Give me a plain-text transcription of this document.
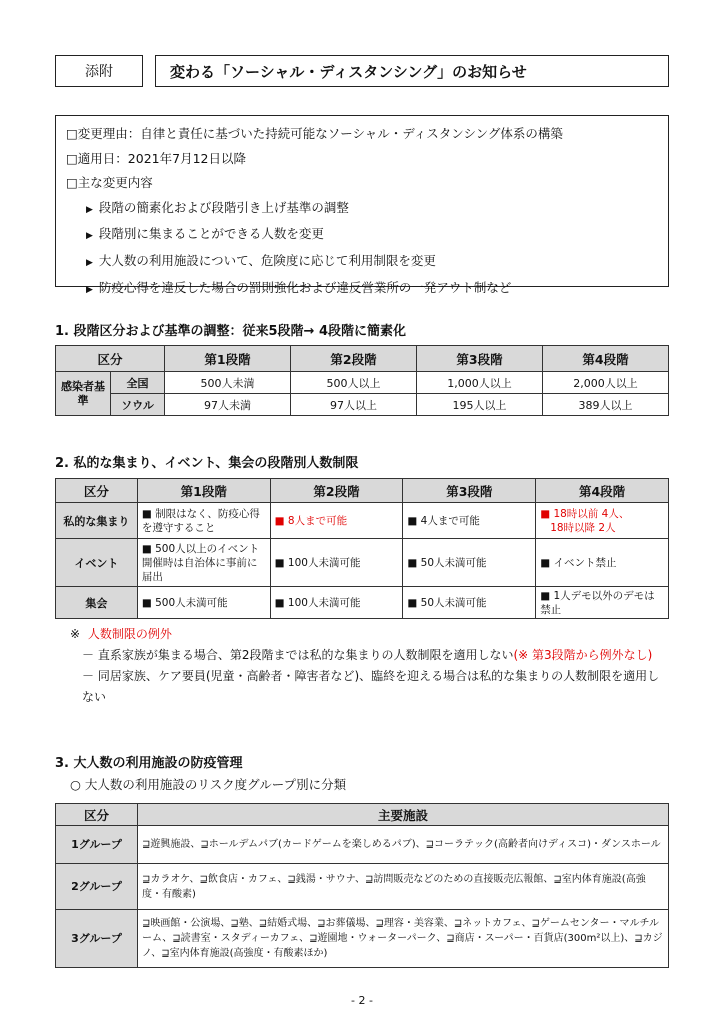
添附	変わる「ソーシャル・ディスタンシング」のお知らせ
□変更理由：自律と責任に基づいた持続可能なソーシャル・ディスタンシング体系の構築
□適用日：2021年7月12日以降
□主な変更内容
▶ 段階の簡素化および段階引き上げ基準の調整
▶ 段階別に集まることができる人数を変更
▶ 大人数の利用施設について、危険度に応じて利用制限を変更
▶ 防疫心得を違反した場合の罰則強化および違反営業所の一発アウト制など
1. 段階区分および基準の調整：従来5段階→ 4段階に簡素化
区分		第1段階	第2段階	第3段階	第4段階
感染者基準	全国	500人未満	500人以上	1,000人以上	2,000人以上
	ソウル	97人未満	97人以上	195人以上	389人以上
2. 私的な集まり、イベント、集会の段階別人数制限
区分	第1段階	第2段階	第3段階	第4段階
私的な集まり	■ 制限はなく、防疫心得を遵守すること	■ 8人まで可能	■ 4人まで可能	■ 18時以前 4人、
18時以降 2人

イベント	■ 500人以上のイベント開催時は自治体に事前に届出	■ 100人未満可能	■ 50人未満可能	■ イベント禁止
集会	■ 500人未満可能	■ 100人未満可能	■ 50人未満可能	■ 1人デモ以外のデモは禁止
※ 人数制限の例外
－ 直系家族が集まる場合、第2段階までは私的な集まりの人数制限を適用しない(※ 第3段階から例外なし)
－ 同居家族、ケア要員(児童・高齢者・障害者など)、臨終を迎える場合は私的な集まりの人数制限を適用しない
3. 大人数の利用施設の防疫管理
○ 大人数の利用施設のリスク度グループ別に分類
区分	主要施設
1グループ	⊒遊興施設、⊒ホールデムパブ(カードゲームを楽しめるパブ)、⊒コーラテック(高齢者向けディスコ)・ダンスホール
2グループ	⊒カラオケ、⊒飲食店・カフェ、⊒銭湯・サウナ、⊒訪問販売などのための直接販売広報館、⊒室内体育施設(高強度・有酸素)
3グループ	⊒映画館・公演場、⊒塾、⊒結婚式場、⊒お葬儀場、⊒理容・美容業、⊒ネットカフェ、⊒ゲームセンター・マルチルーム、⊒読書室・スタディーカフェ、⊒遊園地・ウォーターパーク、⊒商店・スーパー・百貨店(300m²以上)、⊒カジノ、⊒室内体育施設(高強度・有酸素ほか)
- 2 -
